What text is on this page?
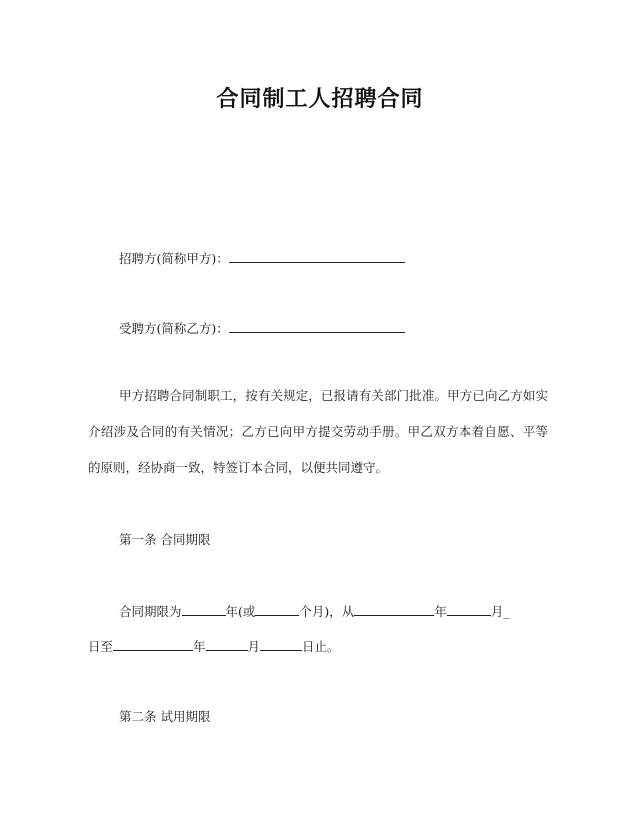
合同制工人招聘合同
招聘方(简称甲方)：
受聘方(简称乙方)：
甲方招聘合同制职工，按有关规定，已报请有关部门批准。甲方已向乙方如实介绍涉及合同的有关情况；乙方已向甲方提交劳动手册。甲乙双方本着自愿、平等的原则，经协商一致，特签订本合同，以便共同遵守。
第一条 合同期限
合同期限为	年(或	个月)，从	年	月_
日至	年	月	日止。
第二条 试用期限
